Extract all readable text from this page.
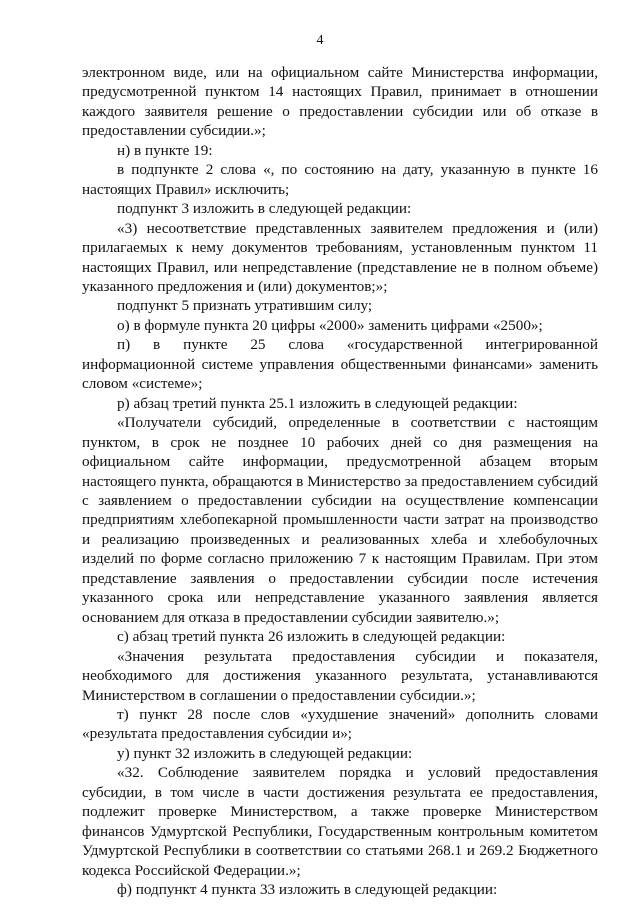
4

электронном виде, или на официальном сайте Министерства информации, предусмотренной пунктом 14 настоящих Правил, принимает в отношении каждого заявителя решение о предоставлении субсидии или об отказе в предоставлении субсидии.»;

н) в пункте 19:

в подпункте 2 слова «, по состоянию на дату, указанную в пункте 16 настоящих Правил» исключить;

подпункт 3 изложить в следующей редакции:

«3) несоответствие представленных заявителем предложения и (или) прилагаемых к нему документов требованиям, установленным пунктом 11 настоящих Правил, или непредставление (представление не в полном объеме) указанного предложения и (или) документов;»;

подпункт 5 признать утратившим силу;

о) в формуле пункта 20 цифры «2000» заменить цифрами «2500»;

п) в пункте 25 слова «государственной интегрированной информационной системе управления общественными финансами» заменить словом «системе»;

р) абзац третий пункта 25.1 изложить в следующей редакции:

«Получатели субсидий, определенные в соответствии с настоящим пунктом, в срок не позднее 10 рабочих дней со дня размещения на официальном сайте информации, предусмотренной абзацем вторым настоящего пункта, обращаются в Министерство за предоставлением субсидий с заявлением о предоставлении субсидии на осуществление компенсации предприятиям хлебопекарной промышленности части затрат на производство и реализацию произведенных и реализованных хлеба и хлебобулочных изделий по форме согласно приложению 7 к настоящим Правилам. При этом представление заявления о предоставлении субсидии после истечения указанного срока или непредставление указанного заявления является основанием для отказа в предоставлении субсидии заявителю.»;

с) абзац третий пункта 26 изложить в следующей редакции:

«Значения результата предоставления субсидии и показателя, необходимого для достижения указанного результата, устанавливаются Министерством в соглашении о предоставлении субсидии.»;

т) пункт 28 после слов «ухудшение значений» дополнить словами «результата предоставления субсидии и»;

у) пункт 32 изложить в следующей редакции:

«32. Соблюдение заявителем порядка и условий предоставления субсидии, в том числе в части достижения результата ее предоставления, подлежит проверке Министерством, а также проверке Министерством финансов Удмуртской Республики, Государственным контрольным комитетом Удмуртской Республики в соответствии со статьями 268.1 и 269.2 Бюджетного кодекса Российской Федерации.»;

ф) подпункт 4 пункта 33 изложить в следующей редакции:
